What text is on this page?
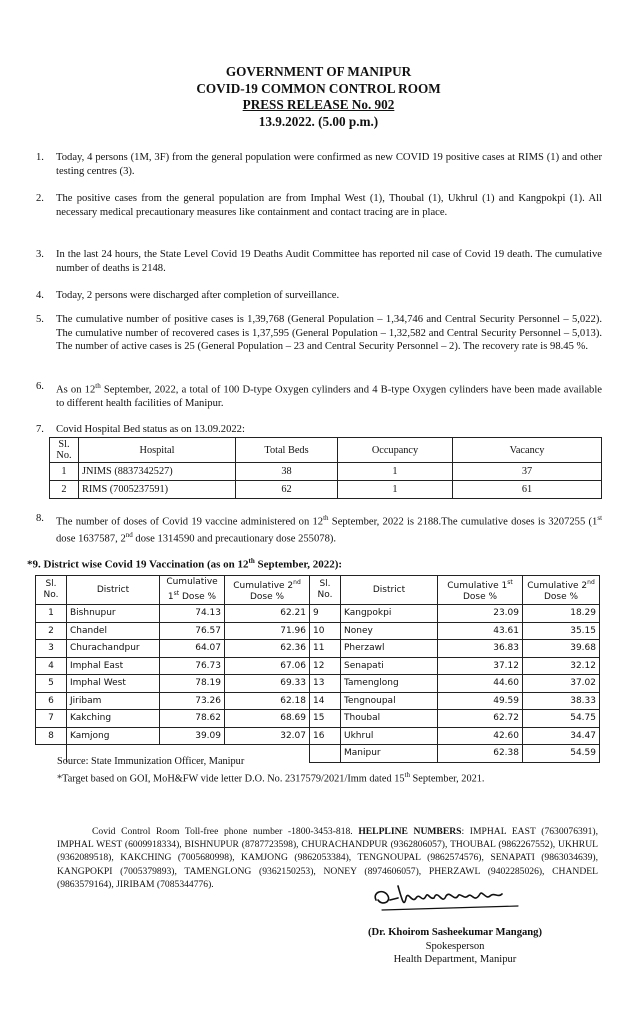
GOVERNMENT OF MANIPUR
COVID-19 COMMON CONTROL ROOM
PRESS RELEASE No. 902
13.9.2022. (5.00 p.m.)
1. Today, 4 persons (1M, 3F) from the general population were confirmed as new COVID 19 positive cases at RIMS (1) and other testing centres (3).
2. The positive cases from the general population are from Imphal West (1), Thoubal (1), Ukhrul (1) and Kangpokpi (1). All necessary medical precautionary measures like containment and contact tracing are in place.
3. In the last 24 hours, the State Level Covid 19 Deaths Audit Committee has reported nil case of Covid 19 death. The cumulative number of deaths is 2148.
4. Today, 2 persons were discharged after completion of surveillance.
5. The cumulative number of positive cases is 1,39,768 (General Population – 1,34,746 and Central Security Personnel – 5,022). The cumulative number of recovered cases is 1,37,595 (General Population – 1,32,582 and Central Security Personnel – 5,013). The number of active cases is 25 (General Population – 23 and Central Security Personnel – 2). The recovery rate is 98.45 %.
6. As on 12th September, 2022, a total of 100 D-type Oxygen cylinders and 4 B-type Oxygen cylinders have been made available to different health facilities of Manipur.
7. Covid Hospital Bed status as on 13.09.2022:
Sl. No.	Hospital	Total Beds	Occupancy	Vacancy
1	JNIMS (8837342527)	38	1	37
2	RIMS (7005237591)	62	1	61
8. The number of doses of Covid 19 vaccine administered on 12th September, 2022 is 2188.The cumulative doses is 3207255 (1st dose 1637587, 2nd dose 1314590 and precautionary dose 255078).
*9. District wise Covid 19 Vaccination (as on 12th September, 2022):
Sl. No.	District	Cumulative 1st Dose %	Cumulative 2nd Dose %	Sl. No.	District	Cumulative 1st Dose %	Cumulative 2nd Dose %
1	Bishnupur	74.13	62.21	9	Kangpokpi	23.09	18.29
2	Chandel	76.57	71.96	10	Noney	43.61	35.15
3	Churachandpur	64.07	62.36	11	Pherzawl	36.83	39.68
4	Imphal East	76.73	67.06	12	Senapati	37.12	32.12
5	Imphal West	78.19	69.33	13	Tamenglong	44.60	37.02
6	Jiribam	73.26	62.18	14	Tengnoupal	49.59	38.33
7	Kakching	78.62	68.69	15	Thoubal	62.72	54.75
8	Kamjong	39.09	32.07	16	Ukhrul	42.60	34.47
					Manipur	62.38	54.59
Source: State Immunization Officer, Manipur
*Target based on GOI, MoH&FW vide letter D.O. No. 2317579/2021/Imm dated 15th September, 2021.
Covid Control Room Toll-free phone number -1800-3453-818. HELPLINE NUMBERS: IMPHAL EAST (7630076391), IMPHAL WEST (6009918334), BISHNUPUR (8787723598), CHURACHANDPUR (9362806057), THOUBAL (9862267552), UKHRUL (9362089518), KAKCHING (7005680998), KAMJONG (9862053384), TENGNOUPAL (9862574576), SENAPATI (9863034639), KANGPOKPI (7005379893), TAMENGLONG (9362150253), NONEY (8974606057), PHERZAWL (9402285026), CHANDEL (9863579164), JIRIBAM (7085344776).
(Dr. Khoirom Sasheekumar Mangang)
Spokesperson
Health Department, Manipur
